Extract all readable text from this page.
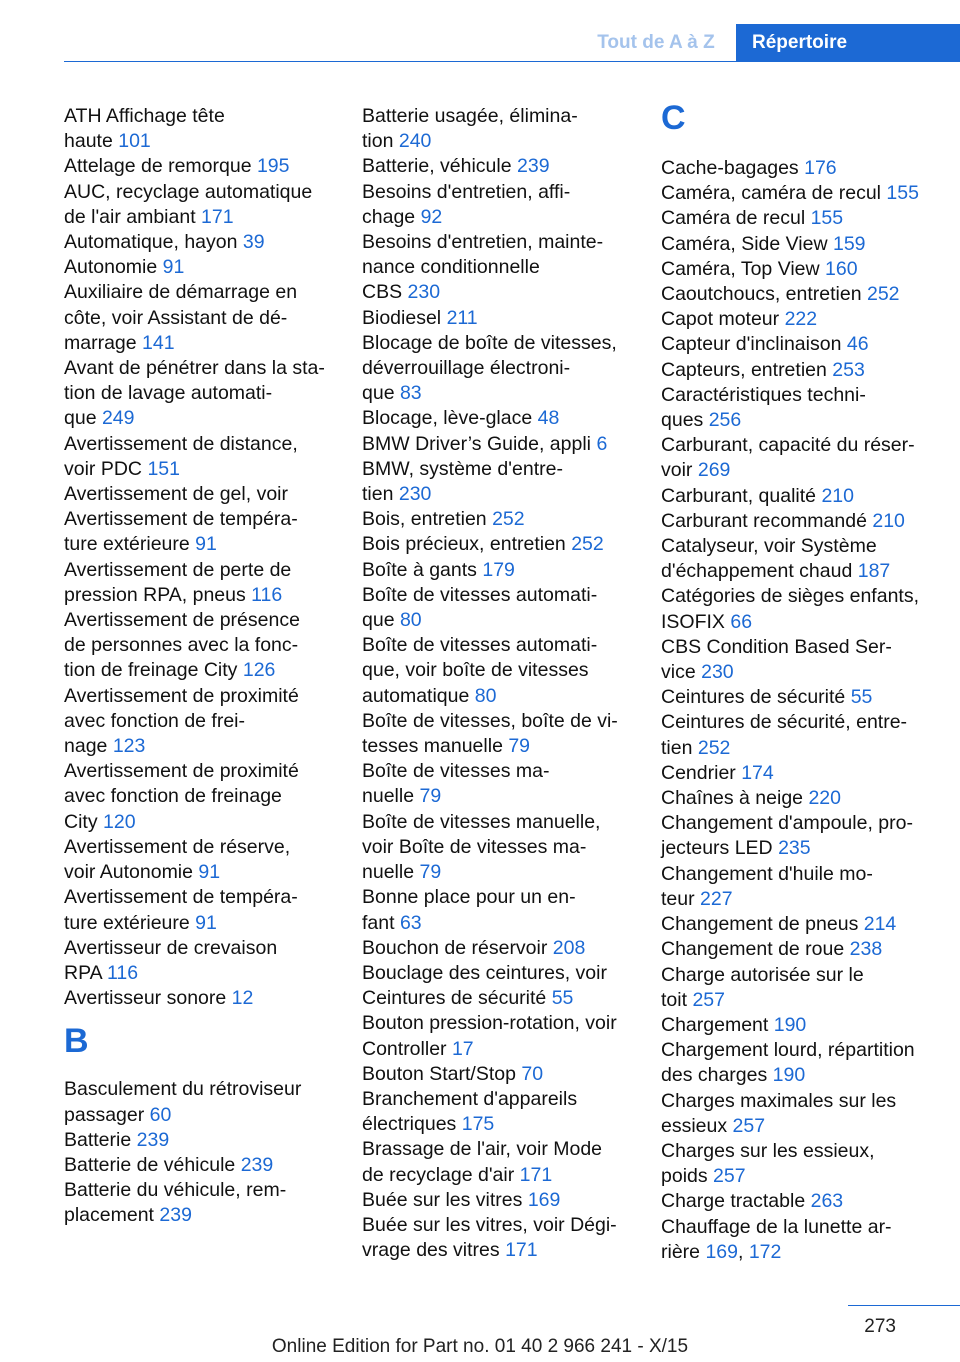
Tout de A à Z	Répertoire
ATH Affichage tête
haute 101
Attelage de remorque 195
AUC, recyclage automatique
de l'air ambiant 171
Automatique, hayon 39
Autonomie 91
Auxiliaire de démarrage en
côte, voir Assistant de dé-
marrage 141
Avant de pénétrer dans la sta-
tion de lavage automati-
que 249
Avertissement de distance,
voir PDC 151
Avertissement de gel, voir
Avertissement de tempéra-
ture extérieure 91
Avertissement de perte de
pression RPA, pneus 116
Avertissement de présence
de personnes avec la fonc-
tion de freinage City 126
Avertissement de proximité
avec fonction de frei-
nage 123
Avertissement de proximité
avec fonction de freinage
City 120
Avertissement de réserve,
voir Autonomie 91
Avertissement de tempéra-
ture extérieure 91
Avertisseur de crevaison
RPA 116
Avertisseur sonore 12
B
Basculement du rétroviseur
passager 60
Batterie 239
Batterie de véhicule 239
Batterie du véhicule, rem-
placement 239
Batterie usagée, élimina-
tion 240
Batterie, véhicule 239
Besoins d'entretien, affi-
chage 92
Besoins d'entretien, mainte-
nance conditionnelle
CBS 230
Biodiesel 211
Blocage de boîte de vitesses,
déverrouillage électroni-
que 83
Blocage, lève-glace 48
BMW Driver’s Guide, appli 6
BMW, système d'entre-
tien 230
Bois, entretien 252
Bois précieux, entretien 252
Boîte à gants 179
Boîte de vitesses automati-
que 80
Boîte de vitesses automati-
que, voir boîte de vitesses
automatique 80
Boîte de vitesses, boîte de vi-
tesses manuelle 79
Boîte de vitesses ma-
nuelle 79
Boîte de vitesses manuelle,
voir Boîte de vitesses ma-
nuelle 79
Bonne place pour un en-
fant 63
Bouchon de réservoir 208
Bouclage des ceintures, voir
Ceintures de sécurité 55
Bouton pression-rotation, voir
Controller 17
Bouton Start/Stop 70
Branchement d'appareils
électriques 175
Brassage de l'air, voir Mode
de recyclage d'air 171
Buée sur les vitres 169
Buée sur les vitres, voir Dégi-
vrage des vitres 171
C
Cache-bagages 176
Caméra, caméra de recul 155
Caméra de recul 155
Caméra, Side View 159
Caméra, Top View 160
Caoutchoucs, entretien 252
Capot moteur 222
Capteur d'inclinaison 46
Capteurs, entretien 253
Caractéristiques techni-
ques 256
Carburant, capacité du réser-
voir 269
Carburant, qualité 210
Carburant recommandé 210
Catalyseur, voir Système
d'échappement chaud 187
Catégories de sièges enfants,
ISOFIX 66
CBS Condition Based Ser-
vice 230
Ceintures de sécurité 55
Ceintures de sécurité, entre-
tien 252
Cendrier 174
Chaînes à neige 220
Changement d'ampoule, pro-
jecteurs LED 235
Changement d'huile mo-
teur 227
Changement de pneus 214
Changement de roue 238
Charge autorisée sur le
toit 257
Chargement 190
Chargement lourd, répartition
des charges 190
Charges maximales sur les
essieux 257
Charges sur les essieux,
poids 257
Charge tractable 263
Chauffage de la lunette ar-
rière 169, 172
273
Online Edition for Part no. 01 40 2 966 241 - X/15
